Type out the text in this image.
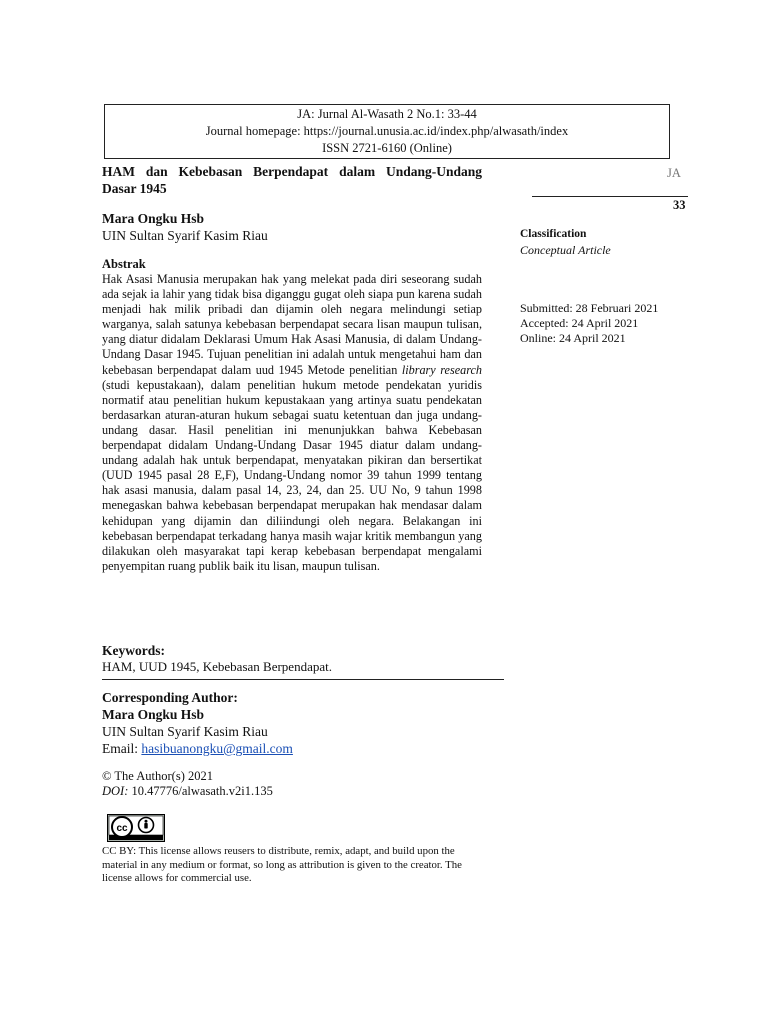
JA: Jurnal Al-Wasath 2 No.1: 33-44
Journal homepage: https://journal.unusia.ac.id/index.php/alwasath/index
ISSN 2721-6160 (Online)
HAM dan Kebebasan Berpendapat dalam Undang-Undang Dasar 1945
Mara Ongku Hsb
UIN Sultan Syarif Kasim Riau
Abstrak
Hak Asasi Manusia merupakan hak yang melekat pada diri seseorang sudah ada sejak ia lahir yang tidak bisa diganggu gugat oleh siapa pun karena sudah menjadi hak milik pribadi dan dijamin oleh negara melindungi setiap warganya, salah satunya kebebasan berpendapat secara lisan maupun tulisan, yang diatur didalam Deklarasi Umum Hak Asasi Manusia, di dalam Undang-Undang Dasar 1945. Tujuan penelitian ini adalah untuk mengetahui ham dan kebebasan berpendapat dalam uud 1945 Metode penelitian library research (studi kepustakaan), dalam penelitian hukum metode pendekatan yuridis normatif atau penelitian hukum kepustakaan yang artinya suatu pendekatan berdasarkan aturan-aturan hukum sebagai suatu ketentuan dan juga undang-undang dasar. Hasil penelitian ini menunjukkan bahwa Kebebasan berpendapat didalam Undang-Undang Dasar 1945 diatur dalam undang-undang adalah hak untuk berpendapat, menyatakan pikiran dan bersertikat (UUD 1945 pasal 28 E,F), Undang-Undang nomor 39 tahun 1999 tentang hak asasi manusia, dalam pasal 14, 23, 24, dan 25. UU No, 9 tahun 1998 menegaskan bahwa kebebasan berpendapat merupakan hak mendasar dalam kehidupan yang dijamin dan diliindungi oleh negara. Belakangan ini kebebasan berpendapat terkadang hanya masih wajar kritik membangun yang dilakukan oleh masyarakat tapi kerap kebebasan berpendapat mengalami penyempitan ruang publik baik itu lisan, maupun tulisan.
Keywords:
HAM, UUD 1945, Kebebasan Berpendapat.
Corresponding Author:
Mara Ongku Hsb
UIN Sultan Syarif Kasim Riau
Email: hasibuanongku@gmail.com
© The Author(s) 2021
DOI: 10.47776/alwasath.v2i1.135
cc
CC BY: This license allows reusers to distribute, remix, adapt, and build upon the material in any medium or format, so long as attribution is given to the creator. The license allows for commercial use.
JA
33
Classification
Conceptual Article
Submitted: 28 Februari 2021
Accepted: 24 April 2021
Online: 24 April 2021
